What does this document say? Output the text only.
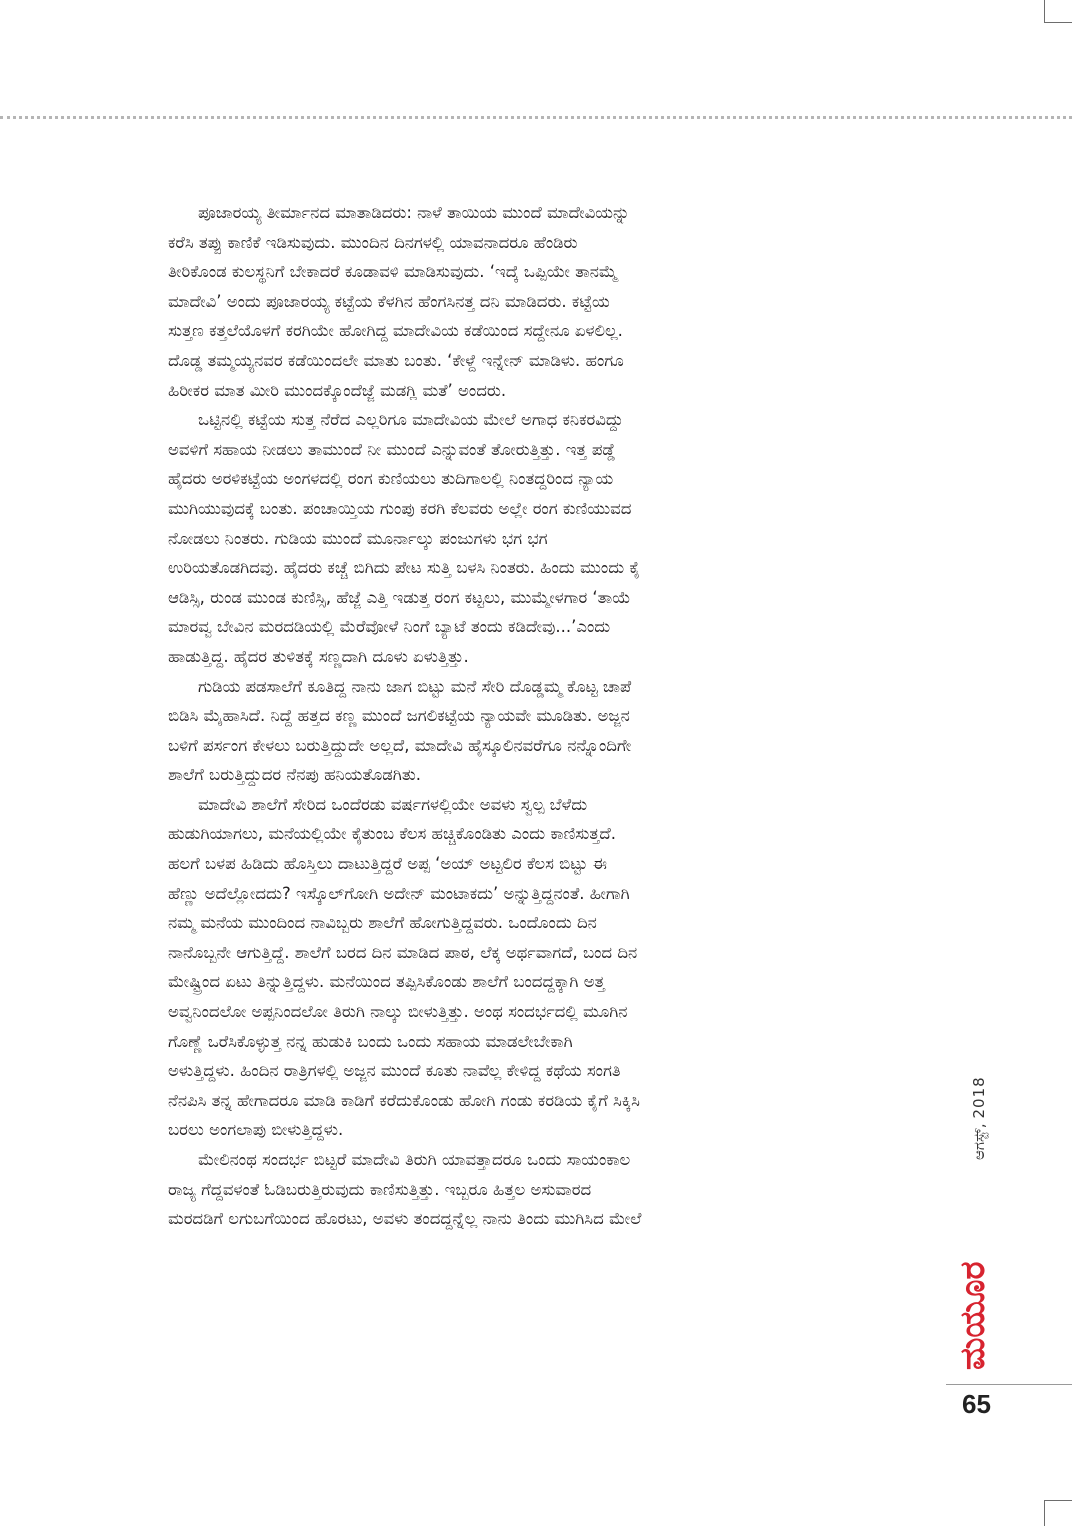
ಪೂಜಾರಯ್ಯ ತೀರ್ಮಾನದ ಮಾತಾಡಿದರು: ನಾಳೆ ತಾಯಿಯ ಮುಂದೆ ಮಾದೇವಿಯನ್ನು
ಕರೆಸಿ ತಪ್ಪು ಕಾಣಿಕೆ ಇಡಿಸುವುದು. ಮುಂದಿನ ದಿನಗಳಲ್ಲಿ ಯಾವನಾದರೂ ಹೆಂಡಿರು
ತೀರಿಕೊಂಡ ಕುಲಸ್ಥನಿಗೆ ಬೇಕಾದರೆ ಕೂಡಾವಳಿ ಮಾಡಿಸುವುದು. ‘ಇದ್ಕೆ ಒಪ್ಪಿಯೇ ತಾನಮ್ಮೆ
ಮಾದೇವಿ’ ಅಂದು ಪೂಜಾರಯ್ಯ ಕಟ್ಟೆಯ ಕೆಳಗಿನ ಹೆಂಗಸಿನತ್ತ ದನಿ ಮಾಡಿದರು. ಕಟ್ಟೆಯ
ಸುತ್ತಣ ಕತ್ತಲೆಯೊಳಗೆ ಕರಗಿಯೇ ಹೋಗಿದ್ದ ಮಾದೇವಿಯ ಕಡೆಯಿಂದ ಸದ್ದೇನೂ ಏಳಲಿಲ್ಲ.
ದೊಡ್ಡ ತಮ್ಮಯ್ಯನವರ ಕಡೆಯಿಂದಲೇ ಮಾತು ಬಂತು. ‘ಕೇಳ್ದೆ ಇನ್ನೇನ್ ಮಾಡಿಳು. ಹಂಗೂ
ಹಿರೀಕರ ಮಾತ ಮೀರಿ ಮುಂದಕ್ಕೊಂದೆಜ್ಜೆ ಮಡಗ್ಲಿ ಮತೆ’ ಅಂದರು.
ಒಟ್ಟಿನಲ್ಲಿ ಕಟ್ಟೆಯ ಸುತ್ತ ನೆರೆದ ಎಲ್ಲರಿಗೂ ಮಾದೇವಿಯ ಮೇಲೆ ಅಗಾಧ ಕನಿಕರವಿದ್ದು
ಅವಳಿಗೆ ಸಹಾಯ ನೀಡಲು ತಾಮುಂದೆ ನೀ ಮುಂದೆ ಎನ್ನುವಂತೆ ತೋರುತ್ತಿತ್ತು. ಇತ್ತ ಪಡ್ಡೆ
ಹೈದರು ಅರಳಿಕಟ್ಟೆಯ ಅಂಗಳದಲ್ಲಿ ರಂಗ ಕುಣಿಯಲು ತುದಿಗಾಲಲ್ಲಿ ನಿಂತದ್ದರಿಂದ ನ್ಯಾಯ
ಮುಗಿಯುವುದಕ್ಕೆ ಬಂತು. ಪಂಚಾಯ್ತಿಯ ಗುಂಪು ಕರಗಿ ಕೆಲವರು ಅಲ್ಲೇ ರಂಗ ಕುಣಿಯುವದ
ನೋಡಲು ನಿಂತರು. ಗುಡಿಯ ಮುಂದೆ ಮೂರ್ನಾಲ್ಕು ಪಂಜುಗಳು ಭಗ ಭಗ
ಉರಿಯತೊಡಗಿದವು. ಹೈದರು ಕಚ್ಚೆ ಬಿಗಿದು ಪೇಟ ಸುತ್ತಿ ಬಳಸಿ ನಿಂತರು. ಹಿಂದು ಮುಂದು ಕೈ
ಆಡಿಸ್ಸಿ, ರುಂಡ ಮುಂಡ ಕುಣಿಸ್ಸಿ, ಹೆಜ್ಜೆ ಎತ್ತಿ ಇಡುತ್ತ ರಂಗ ಕಟ್ಟಲು, ಮುಮ್ಮೇಳಗಾರ ‘ತಾಯೆ
ಮಾರವ್ವ ಬೇವಿನ ಮರದಡಿಯಲ್ಲಿ ಮೆರೆವೋಳೆ ನಿಂಗೆ ಬ್ಯಾಟೆ ತಂದು ಕಡಿದೇವು...’ಎಂದು
ಹಾಡುತ್ತಿದ್ದ. ಹೈದರ ತುಳಿತಕ್ಕೆ ಸಣ್ಣದಾಗಿ ದೂಳು ಏಳುತ್ತಿತ್ತು.
ಗುಡಿಯ ಪಡಸಾಲೆಗೆ ಕೂತಿದ್ದ ನಾನು ಜಾಗ ಬಿಟ್ಟು ಮನೆ ಸೇರಿ ದೊಡ್ಡಮ್ಮ ಕೊಟ್ಟ ಚಾಪೆ
ಬಿಡಿಸಿ ಮೈಹಾಸಿದೆ. ನಿದ್ದೆ ಹತ್ತದ ಕಣ್ಣ ಮುಂದೆ ಜಗಲಿಕಟ್ಟೆಯ ನ್ಯಾಯವೇ ಮೂಡಿತು. ಅಜ್ಜನ
ಬಳಿಗೆ ಪರ್ಸಂಗ ಕೇಳಲು ಬರುತ್ತಿದ್ದುದೇ ಅಲ್ಲದೆ, ಮಾದೇವಿ ಹೈಸ್ಕೂಲಿನವರೆಗೂ ನನ್ನೊಂದಿಗೇ
ಶಾಲೆಗೆ ಬರುತ್ತಿದ್ದುದರ ನೆನಪು ಹನಿಯತೊಡಗಿತು.
ಮಾದೇವಿ ಶಾಲೆಗೆ ಸೇರಿದ ಒಂದೆರಡು ವರ್ಷಗಳಲ್ಲಿಯೇ ಅವಳು ಸ್ವಲ್ಪ ಬೆಳೆದು
ಹುಡುಗಿಯಾಗಲು, ಮನೆಯಲ್ಲಿಯೇ ಕೈತುಂಬ ಕೆಲಸ ಹಚ್ಚಿಕೊಂಡಿತು ಎಂದು ಕಾಣಿಸುತ್ತದೆ.
ಹಲಗೆ ಬಳಪ ಹಿಡಿದು ಹೊಸ್ತಿಲು ದಾಟುತ್ತಿದ್ದರೆ ಅಪ್ಪ ‘ಅಯ್ ಅಟ್ಟಲಿರ ಕೆಲಸ ಬಿಟ್ಟು ಈ
ಹೆಣ್ಣು ಅದೆಲ್ಲೋದದು? ಇಸ್ಕೊಲ್‌ಗೋಗಿ ಅದೇನ್ ಮಂಟಾಕದು’ ಅನ್ನುತ್ತಿದ್ದನಂತೆ. ಹೀಗಾಗಿ
ನಮ್ಮ ಮನೆಯ ಮುಂದಿಂದ ನಾವಿಬ್ಬರು ಶಾಲೆಗೆ ಹೋಗುತ್ತಿದ್ದವರು. ಒಂದೊಂದು ದಿನ
ನಾನೊಬ್ಬನೇ ಆಗುತ್ತಿದ್ದೆ. ಶಾಲೆಗೆ ಬರದ ದಿನ ಮಾಡಿದ ಪಾಠ, ಲೆಕ್ಕ ಅರ್ಥವಾಗದೆ, ಬಂದ ದಿನ
ಮೇಷ್ಟ್ರಿಂದ ಏಟು ತಿನ್ನುತ್ತಿದ್ದಳು. ಮನೆಯಿಂದ ತಪ್ಪಿಸಿಕೊಂಡು ಶಾಲೆಗೆ ಬಂದದ್ದಕ್ಕಾಗಿ ಅತ್ತ
ಅವ್ವನಿಂದಲೋ ಅಪ್ಪನಿಂದಲೋ ತಿರುಗಿ ನಾಲ್ಕು ಬೀಳುತ್ತಿತ್ತು. ಅಂಥ ಸಂದರ್ಭದಲ್ಲಿ ಮೂಗಿನ
ಗೊಣ್ಣೆ ಒರೆಸಿಕೊಳ್ಳುತ್ತ ನನ್ನ ಹುಡುಕಿ ಬಂದು ಒಂದು ಸಹಾಯ ಮಾಡಲೇಬೇಕಾಗಿ
ಅಳುತ್ತಿದ್ದಳು. ಹಿಂದಿನ ರಾತ್ರಿಗಳಲ್ಲಿ ಅಜ್ಜನ ಮುಂದೆ ಕೂತು ನಾವೆಲ್ಲ ಕೇಳಿದ್ದ ಕಥೆಯ ಸಂಗತಿ
ನೆನಪಿಸಿ ತನ್ನ ಹೇಗಾದರೂ ಮಾಡಿ ಕಾಡಿಗೆ ಕರೆದುಕೊಂಡು ಹೋಗಿ ಗಂಡು ಕರಡಿಯ ಕೈಗೆ ಸಿಕ್ಕಿಸಿ
ಬರಲು ಅಂಗಲಾಪು ಬೀಳುತ್ತಿದ್ದಳು.
ಮೇಲಿನಂಥ ಸಂದರ್ಭ ಬಿಟ್ಟರೆ ಮಾದೇವಿ ತಿರುಗಿ ಯಾವತ್ತಾದರೂ ಒಂದು ಸಾಯಂಕಾಲ
ರಾಜ್ಯ ಗೆದ್ದವಳಂತೆ ಓಡಿಬರುತ್ತಿರುವುದು ಕಾಣಿಸುತ್ತಿತ್ತು. ಇಬ್ಬರೂ ಹಿತ್ತಲ ಅಸುವಾರದ
ಮರದಡಿಗೆ ಲಗುಬಗೆಯಿಂದ ಹೊರಟು, ಅವಳು ತಂದದ್ದನ್ನೆಲ್ಲ ನಾನು ತಿಂದು ಮುಗಿಸಿದ ಮೇಲೆ
ಆಗಸ್ಟ್, 2018
ಮಯೂರ
65
